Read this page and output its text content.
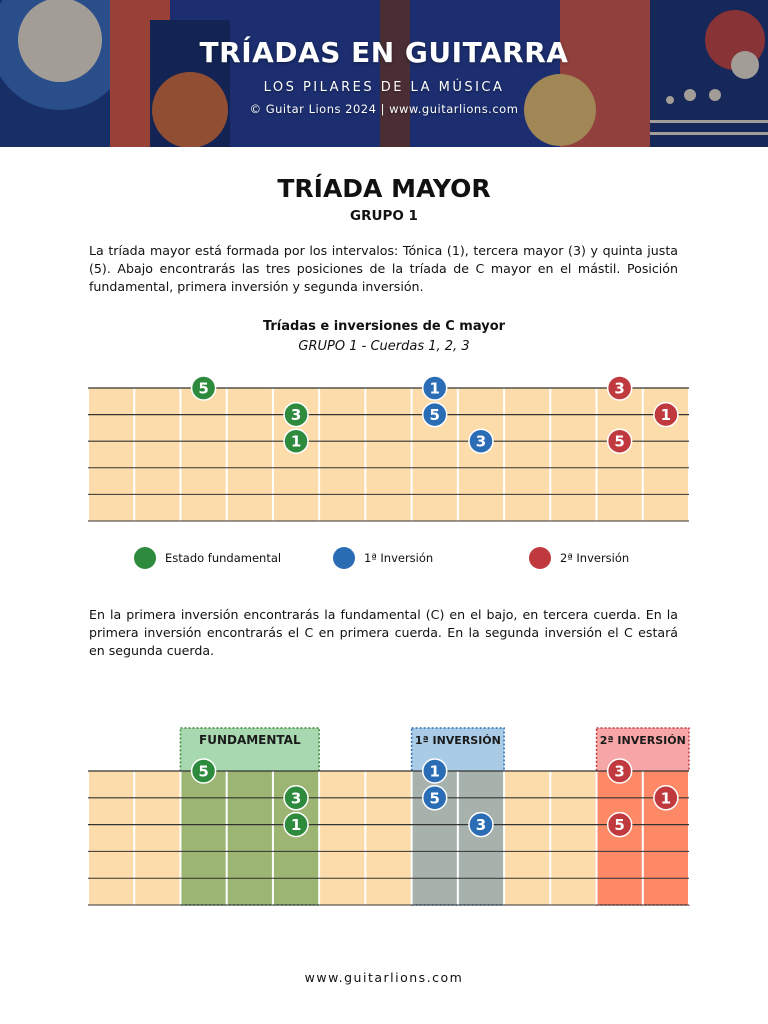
TRÍADAS EN GUITARRA
LOS PILARES DE LA MÚSICA
© Guitar Lions 2024 | www.guitarlions.com
TRÍADA MAYOR
GRUPO 1
La tríada mayor está formada por los intervalos: Tónica (1), tercera mayor (3) y quinta justa (5). Abajo encontrarás las tres posiciones de la tríada de C mayor en el mástil. Posición fundamental, primera inversión y segunda inversión.
Tríadas e inversiones de C mayor
GRUPO 1 - Cuerdas 1, 2, 3
5
3
1
1
5
3
3
1
5
Estado fundamental	1ª Inversión	2ª Inversión
En la primera inversión encontrarás la fundamental (C) en el bajo, en tercera cuerda. En la primera inversión encontrarás el C en primera cuerda. En la segunda inversión el C estará en segunda cuerda.
FUNDAMENTAL	1ª INVERSIÓN	2ª INVERSIÓN
5
3
1
1
5
3
3
1
5
www.guitarlions.com
